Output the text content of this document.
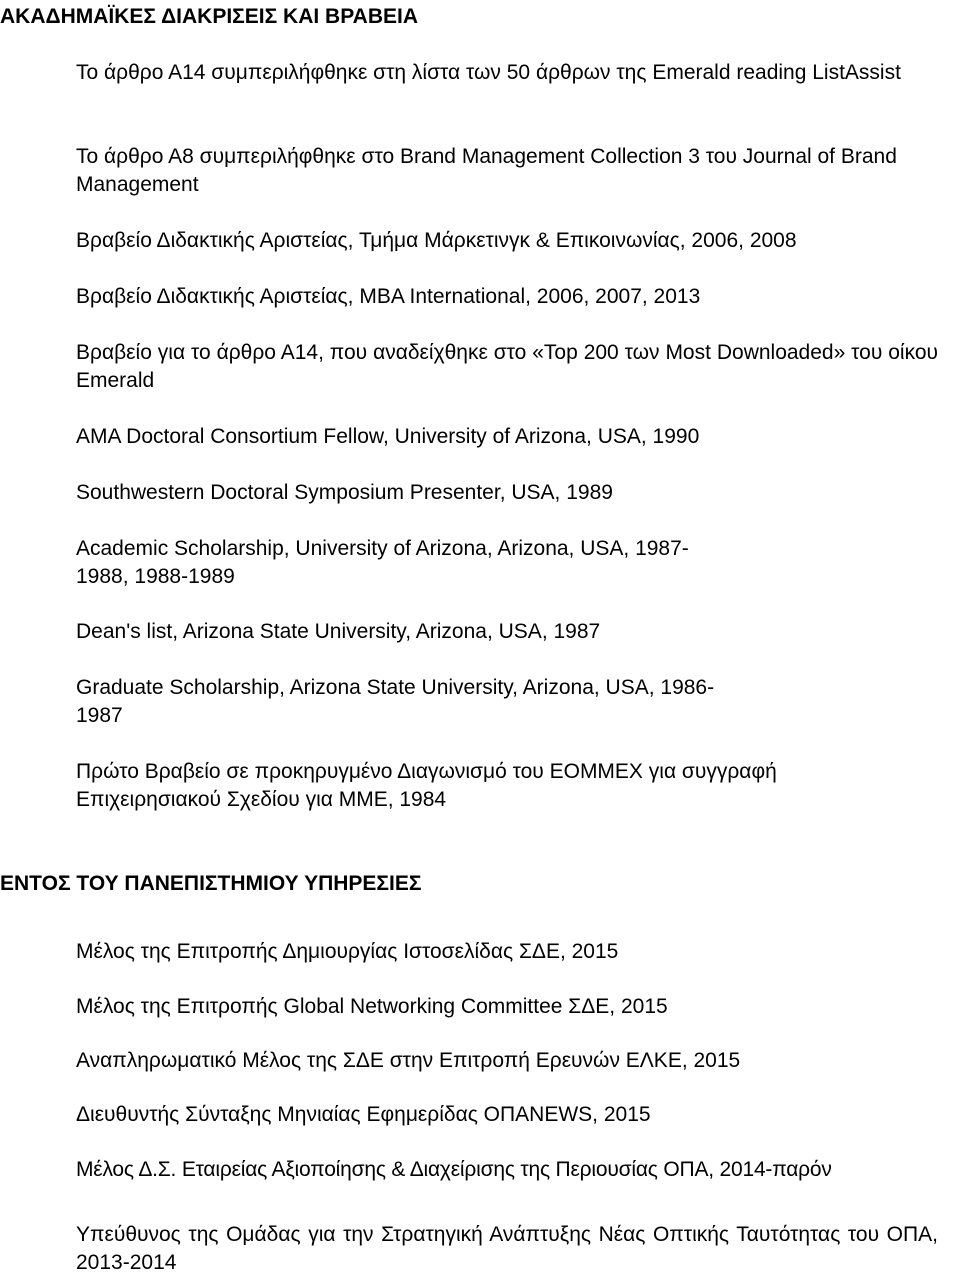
ΑΚΑΔΗΜΑΪΚΕΣ ΔΙΑΚΡΙΣΕΙΣ ΚΑΙ ΒΡΑΒΕΙΑ
Το άρθρο Α14 συμπεριλήφθηκε στη λίστα των 50 άρθρων της Emerald reading ListAssist
Το άρθρο Α8 συμπεριλήφθηκε στο Brand Management Collection 3 του Journal of Brand Management
Βραβείο Διδακτικής Αριστείας, Τμήμα Μάρκετινγκ & Επικοινωνίας, 2006, 2008
Βραβείο Διδακτικής Αριστείας, ΜΒΑ International, 2006, 2007, 2013
Βραβείο για το άρθρο Α14, που αναδείχθηκε στο «Top 200 των Most Downloaded» του οίκου Emerald
AMA Doctoral Consortium Fellow, University of Arizona, USA, 1990
Southwestern Doctoral Symposium Presenter, USA, 1989
Academic Scholarship, University of Arizona, Arizona, USA, 1987-1988, 1988-1989
Dean's list, Arizona State University, Arizona, USA, 1987
Graduate Scholarship, Arizona State University, Arizona, USA, 1986-1987
Πρώτο Βραβείο σε προκηρυγμένο Διαγωνισμό του ΕΟΜΜΕΧ για συγγραφή Επιχειρησιακού Σχεδίου για ΜΜΕ, 1984
ΕΝΤΟΣ ΤΟΥ ΠΑΝΕΠΙΣΤΗΜΙΟΥ ΥΠΗΡΕΣΙΕΣ
Μέλος της Επιτροπής Δημιουργίας Ιστοσελίδας ΣΔΕ, 2015
Μέλος της Επιτροπής Global Networking Committee ΣΔΕ, 2015
Αναπληρωματικό Μέλος της ΣΔΕ στην Επιτροπή Ερευνών ΕΛΚΕ, 2015
Διευθυντής Σύνταξης Μηνιαίας Εφημερίδας ΟΠΑNEWS, 2015
Μέλος Δ.Σ. Εταιρείας Αξιοποίησης & Διαχείρισης της Περιουσίας ΟΠΑ, 2014-παρόν
Υπεύθυνος της Ομάδας για την Στρατηγική Ανάπτυξης Νέας Οπτικής Ταυτότητας του ΟΠΑ, 2013-2014
